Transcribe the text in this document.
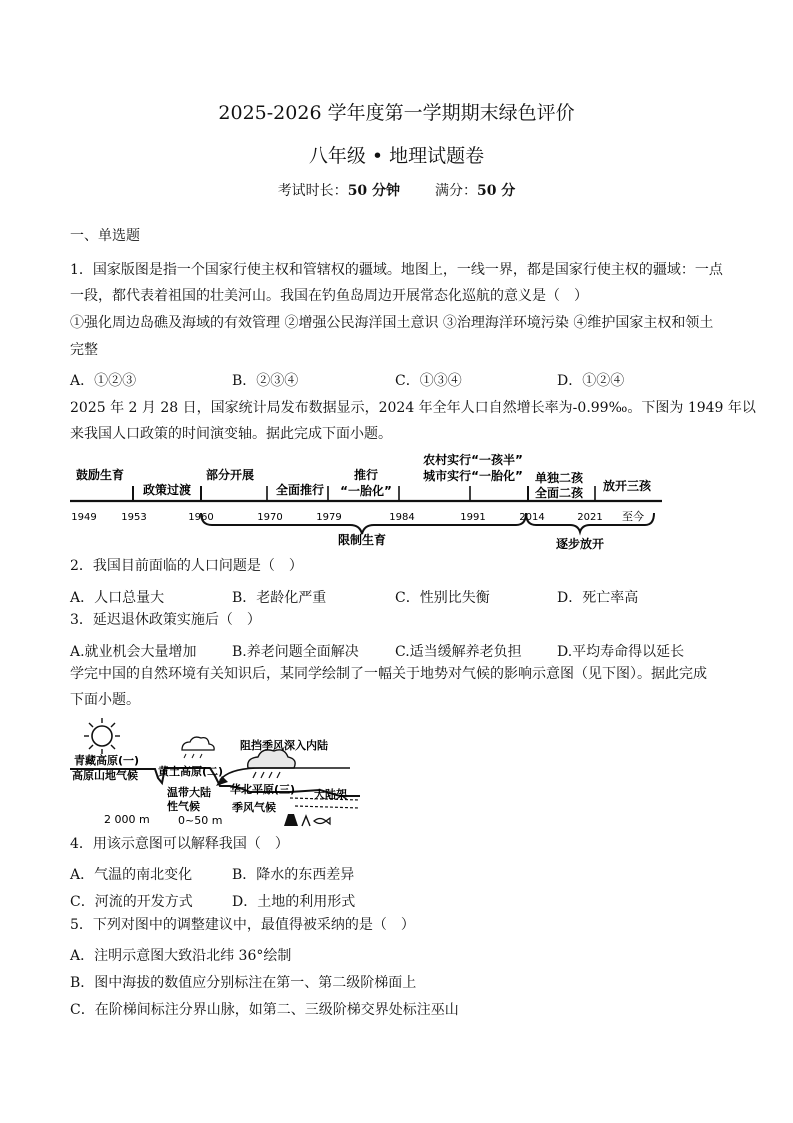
2025-2026 学年度第一学期期末绿色评价
八年级 • 地理试题卷
考试时长：50 分钟 满分：50 分
一、单选题
1．国家版图是指一个国家行使主权和管辖权的疆域。地图上，一线一界，都是国家行使主权的疆域：一点
一段，都代表着祖国的壮美河山。我国在钓鱼岛周边开展常态化巡航的意义是（　）
①强化周边岛礁及海域的有效管理 ②增强公民海洋国土意识 ③治理海洋环境污染 ④维护国家主权和领土
完整
A．①②③	B．②③④	C．①③④	D．①②④
2025 年 2 月 28 日，国家统计局发布数据显示，2024 年全年人口自然增长率为-0.99‰。下图为 1949 年以
来我国人口政策的时间演变轴。据此完成下面小题。
鼓励生育
政策过渡
部分开展
全面推行
推行
“一胎化”
农村实行“一孩半”
城市实行“一胎化” 单独二孩
全面二孩 放开三孩
1949 1953	1960	1970	1979	1984	1991	2014	2021 至今
限制生育	逐步放开
2．我国目前面临的人口问题是（　）
A．人口总量大	B．老龄化严重	C．性别比失衡	D．死亡率高
3．延迟退休政策实施后（　）
A.就业机会大量增加	B.养老问题全面解决	C.适当缓解养老负担	D.平均寿命得以延长
学完中国的自然环境有关知识后，某同学绘制了一幅关于地势对气候的影响示意图（见下图）。据此完成
下面小题。
青藏高原(一)
高原山地气候 黄土高原(二)
温带大陆
性气候
阻挡季风深入内陆
华北平原(三) 大陆架
季风气候
2 000 m	0~50 m
4．用该示意图可以解释我国（　）
A．气温的南北变化	B．降水的东西差异
C．河流的开发方式	D．土地的利用形式
5．下列对图中的调整建议中，最值得被采纳的是（　）
A．注明示意图大致沿北纬 36°绘制
B．图中海拔的数值应分别标注在第一、第二级阶梯面上
C．在阶梯间标注分界山脉，如第二、三级阶梯交界处标注巫山
